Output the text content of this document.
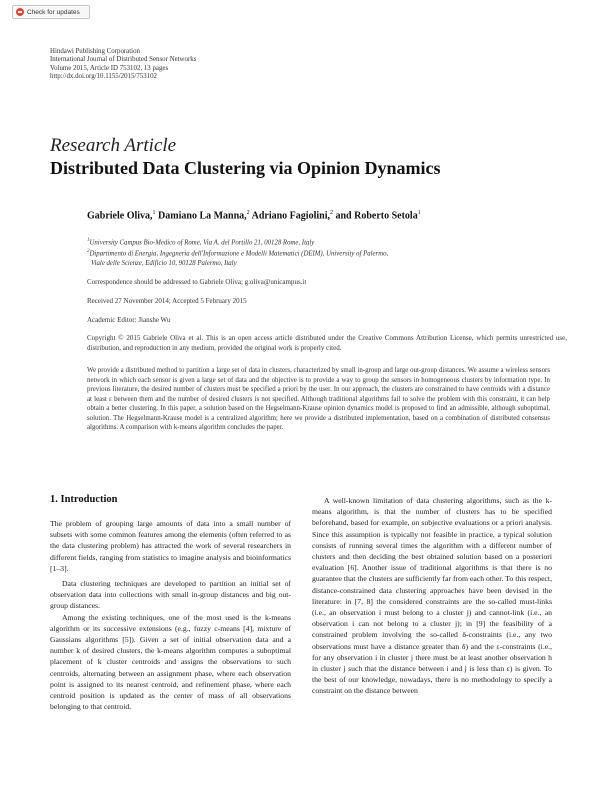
Check for updates
Hindawi Publishing Corporation
International Journal of Distributed Sensor Networks
Volume 2015, Article ID 753102, 13 pages
http://dx.doi.org/10.1155/2015/753102
Research Article
Distributed Data Clustering via Opinion Dynamics
Gabriele Oliva,$^1$ Damiano La Manna,$^2$ Adriano Fagiolini,$^2$ and Roberto Setola$^1$
$^1$University Campus Bio-Medico of Rome, Via A. del Portillo 21, 00128 Rome, Italy
$^2$Dipartimento di Energia, Ingegneria dell'Informazione e Modelli Matematici (DEIM), University of Palermo,
Viale delle Scienze, Edificio 10, 90128 Palermo, Italy
Correspondence should be addressed to Gabriele Oliva; g.oliva@unicampus.it
Received 27 November 2014; Accepted 5 February 2015
Academic Editor: Jianshe Wu
Copyright © 2015 Gabriele Oliva et al. This is an open access article distributed under the Creative Commons Attribution License, which permits unrestricted use, distribution, and reproduction in any medium, provided the original work is properly cited.
We provide a distributed method to partition a large set of data in clusters, characterized by small in-group and large out-group distances. We assume a wireless sensors network in which each sensor is given a large set of data and the objective is to provide a way to group the sensors in homogeneous clusters by information type. In previous literature, the desired number of clusters must be specified a priori by the user. In our approach, the clusters are constrained to have centroids with a distance at least ε between them and the number of desired clusters is not specified. Although traditional algorithms fail to solve the problem with this constraint, it can help obtain a better clustering. In this paper, a solution based on the Hegselmann-Krause opinion dynamics model is proposed to find an admissible, although suboptimal, solution. The Hegselmann-Krause model is a centralized algorithm; here we provide a distributed implementation, based on a combination of distributed consensus algorithms. A comparison with k-means algorithm concludes the paper.
1. Introduction

The problem of grouping large amounts of data into a small number of subsets with some common features among the elements (often referred to as the data clustering problem) has attracted the work of several researchers in different fields, ranging from statistics to imagine analysis and bioinformatics [1–3].

Data clustering techniques are developed to partition an initial set of observation data into collections with small in-group distances and big out-group distances.

Among the existing techniques, one of the most used is the k-means algorithm or its successive extensions (e.g., fuzzy c-means [4], mixture of Gaussians algorithms [5]). Given a set of initial observation data and a number k of desired clusters, the k-means algorithm computes a suboptimal placement of k cluster centroids and assigns the observations to such centroids, alternating between an assignment phase, where each observation point is assigned to its nearest centroid, and refinement phase, where each centroid position is updated as the center of mass of all observations belonging to that centroid.

A well-known limitation of data clustering algorithms, such as the k-means algorithm, is that the number of clusters has to be specified beforehand, based for example, on subjective evaluations or a priori analysis. Since this assumption is typically not feasible in practice, a typical solution consists of running several times the algorithm with a different number of clusters and then deciding the best obtained solution based on a posteriori evaluation [6]. Another issue of traditional algorithms is that there is no guarantee that the clusters are sufficiently far from each other. To this respect, distance-constrained data clustering approaches have been devised in the literature: in [7, 8] the considered constraints are the so-called must-links (i.e., an observation i must belong to a cluster j) and cannot-link (i.e., an observation i can not belong to a cluster j); in [9] the feasibility of a constrained problem involving the so-called δ-constraints (i.e., any two observations must have a distance greater than δ) and the ε-constraints (i.e., for any observation i in cluster j there must be at least another observation h in cluster j such that the distance between i and j is less than ε) is given. To the best of our knowledge, nowadays, there is no methodology to specify a constraint on the distance between
